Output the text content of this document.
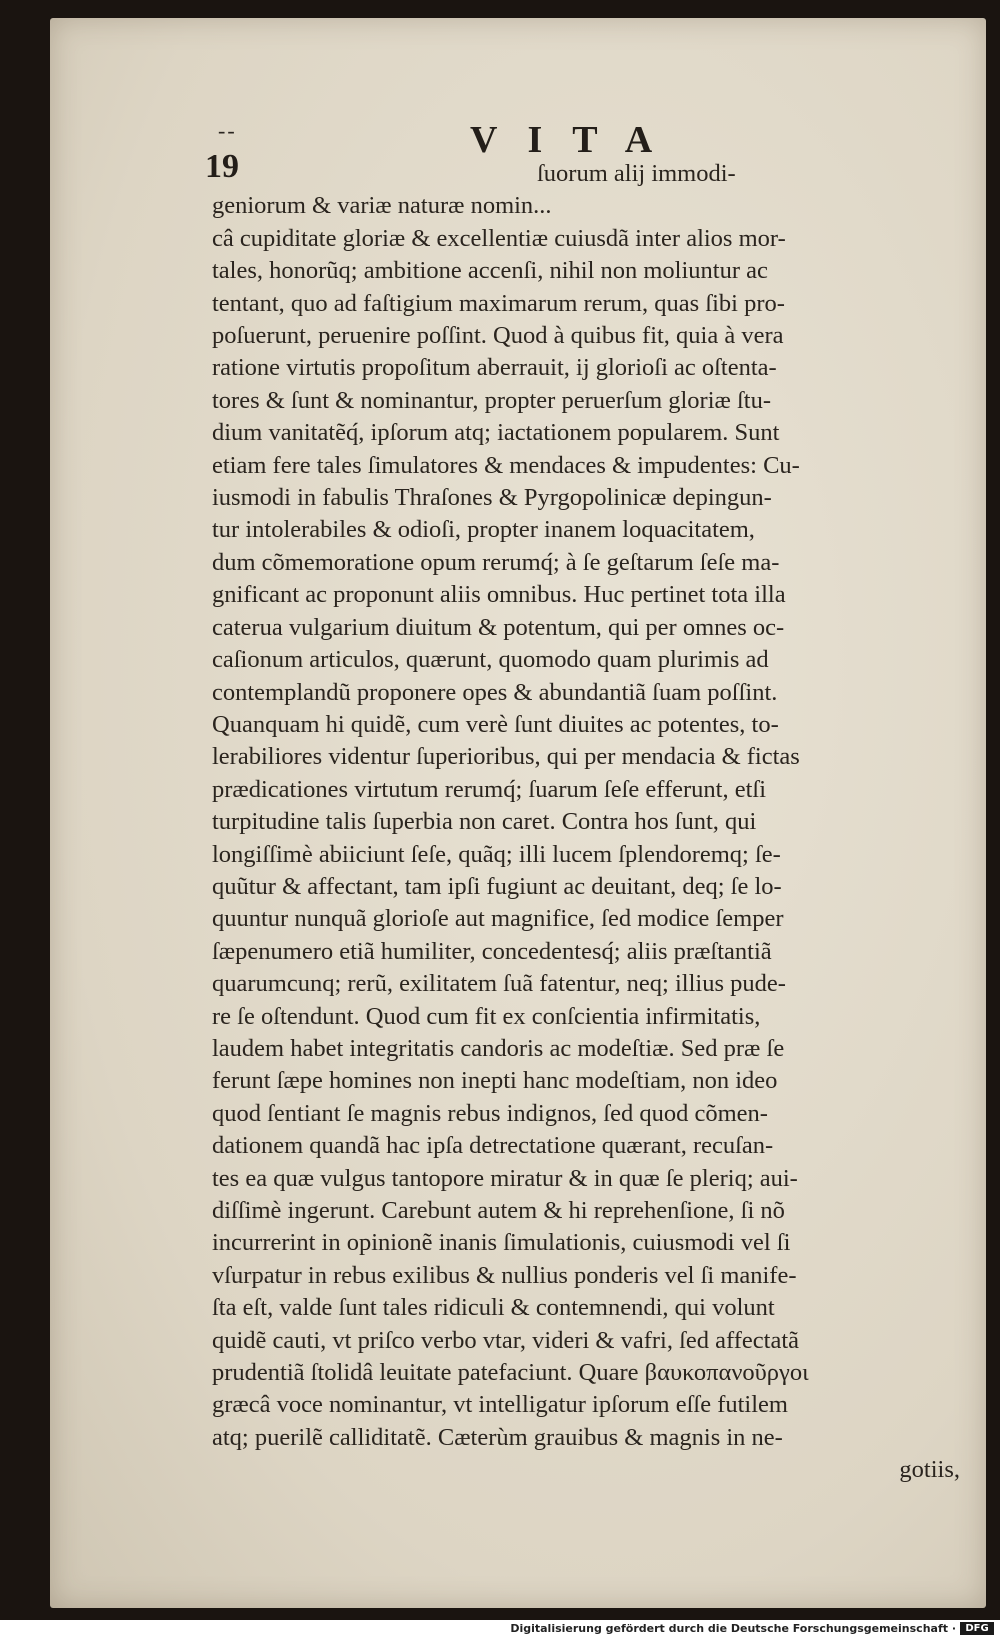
--	VITA
19	ſuorum alij immodi-
geniorum & variæ naturæ nomin...
câ cupiditate gloriæ & excellentiæ cuiusdã inter alios mor-
tales, honorũq; ambitione accenſi, nihil non moliuntur ac
tentant, quo ad faſtigium maximarum rerum, quas ſibi pro-
poſuerunt, peruenire poſſint. Quod à quibus fit, quia à vera
ratione virtutis propoſitum aberrauit, ij glorioſi ac oſtenta-
tores & ſunt & nominantur, propter peruerſum gloriæ ſtu-
dium vanitatẽq́, ipſorum atq; iactationem popularem. Sunt
etiam fere tales ſimulatores & mendaces & impudentes: Cu-
iusmodi in fabulis Thraſones & Pyrgopolinicæ depingun-
tur intolerabiles & odioſi, propter inanem loquacitatem,
dum cõmemoratione opum rerumq́; à ſe geſtarum ſeſe ma-
gnificant ac proponunt aliis omnibus. Huc pertinet tota illa
caterua vulgarium diuitum & potentum, qui per omnes oc-
caſionum articulos, quærunt, quomodo quam plurimis ad
contemplandũ proponere opes & abundantiã ſuam poſſint.
Quanquam hi quidẽ, cum verè ſunt diuites ac potentes, to-
lerabiliores videntur ſuperioribus, qui per mendacia & fictas
prædicationes virtutum rerumq́; ſuarum ſeſe efferunt, etſi
turpitudine talis ſuperbia non caret. Contra hos ſunt, qui
longiſſimè abiiciunt ſeſe, quãq; illi lucem ſplendoremq; ſe-
quũtur & affectant, tam ipſi fugiunt ac deuitant, deq; ſe lo-
quuntur nunquã glorioſe aut magnifice, ſed modice ſemper
ſæpenumero etiã humiliter, concedentesq́; aliis præſtantiã
quarumcunq; rerũ, exilitatem ſuã fatentur, neq; illius pude-
re ſe oſtendunt. Quod cum fit ex conſcientia infirmitatis,
laudem habet integritatis candoris ac modeſtiæ. Sed præ ſe
ferunt ſæpe homines non inepti hanc modeſtiam, non ideo
quod ſentiant ſe magnis rebus indignos, ſed quod cõmen-
dationem quandã hac ipſa detrectatione quærant, recuſan-
tes ea quæ vulgus tantopore miratur & in quæ ſe pleriq; aui-
diſſimè ingerunt. Carebunt autem & hi reprehenſione, ſi nõ
incurrerint in opinionẽ inanis ſimulationis, cuiusmodi vel ſi
vſurpatur in rebus exilibus & nullius ponderis vel ſi manife-
ſta eſt, valde ſunt tales ridiculi & contemnendi, qui volunt
quidẽ cauti, vt priſco verbo vtar, videri & vafri, ſed affectatã
prudentiã ſtolidâ leuitate patefaciunt. Quare βαυκοπανοῦργοι
græcâ voce nominantur, vt intelligatur ipſorum eſſe futilem
atq; puerilẽ calliditatẽ. Cæterùm grauibus & magnis in ne-
gotiis,
Digitalisierung gefördert durch die Deutsche Forschungsgemeinschaft · DFG
